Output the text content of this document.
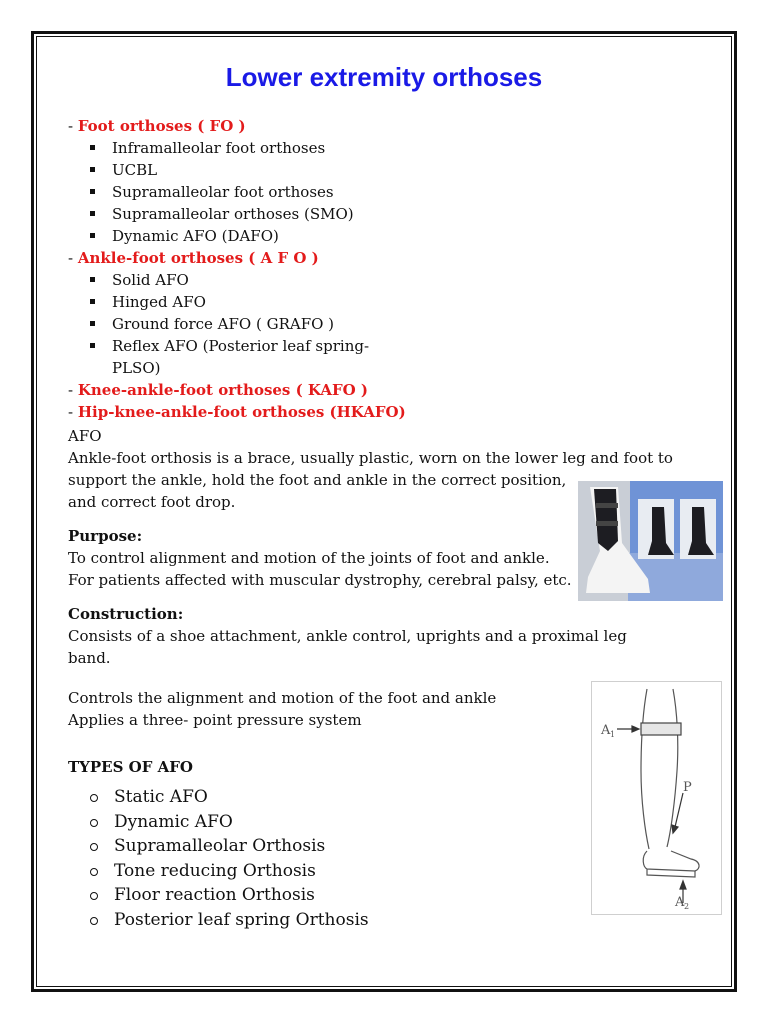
Lower extremity orthoses
- Foot orthoses ( FO )
Inframalleolar foot orthoses
UCBL
Supramalleolar foot orthoses
Supramalleolar orthoses (SMO)
Dynamic AFO (DAFO)
- Ankle-foot orthoses ( A F O )
Solid AFO
Hinged AFO
Ground force AFO ( GRAFO )
Reflex AFO (Posterior leaf spring-
PLSO)
- Knee-ankle-foot orthoses ( KAFO )
- Hip-knee-ankle-foot orthoses (HKAFO)
AFO
Ankle-foot orthosis is a brace, usually plastic, worn on the lower leg and foot to
support the ankle, hold the foot and ankle in the correct position,
and correct foot drop.
Purpose:
To control alignment and motion of the joints of foot and ankle.
For patients affected with muscular dystrophy, cerebral palsy, etc.
Construction:
Consists of a shoe attachment, ankle control, uprights and a proximal leg
band.
Controls the alignment and motion of the foot and ankle
Applies a three- point pressure system
TYPES OF AFO
Static AFO
Dynamic AFO
Supramalleolar Orthosis
Tone reducing Orthosis
Floor reaction Orthosis
Posterior leaf spring Orthosis
A 1
P
A 2
